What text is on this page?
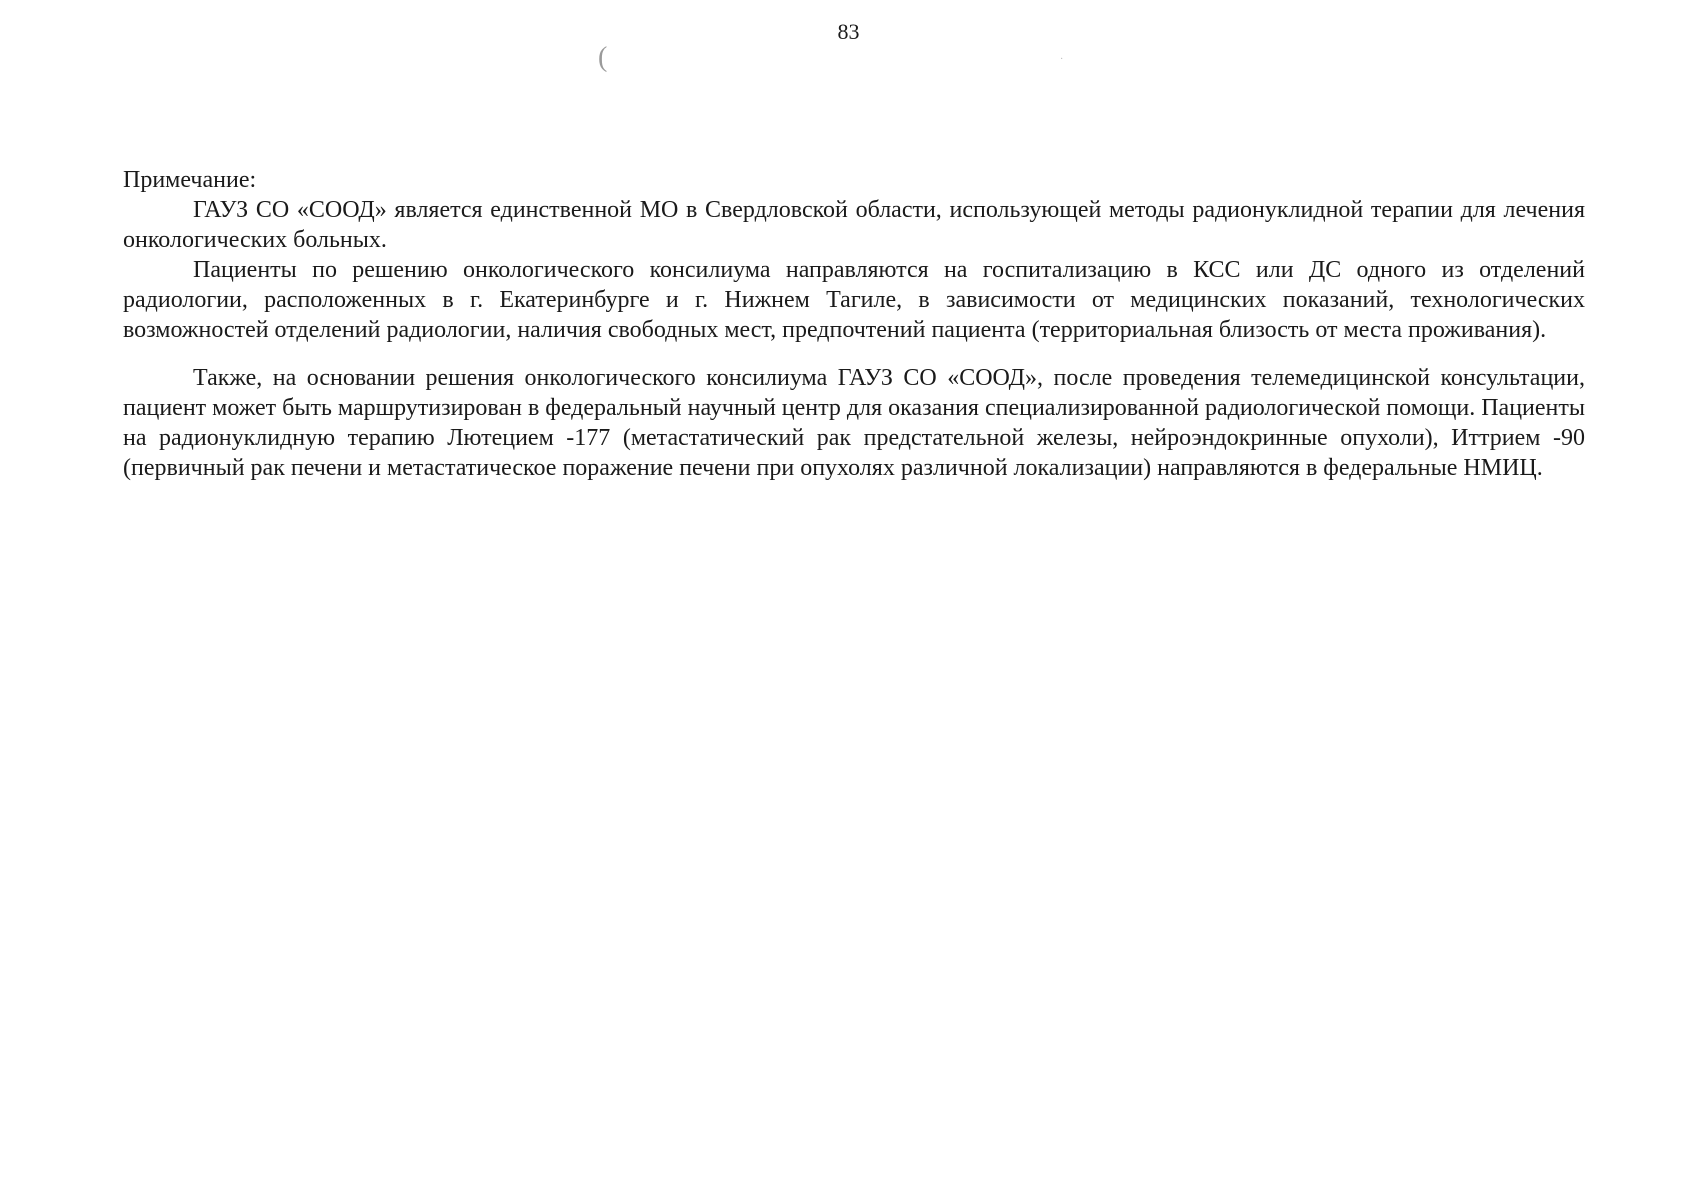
83
(	·

Примечание:

ГАУЗ СО «СООД» является единственной МО в Свердловской области, использующей методы радионуклидной терапии для лечения онкологических больных.

Пациенты по решению онкологического консилиума направляются на госпитализацию в КСС или ДС одного из отделений радиологии, расположенных в г. Екатеринбурге и г. Нижнем Тагиле, в зависимости от медицинских показаний, технологических возможностей отделений радиологии, наличия свободных мест, предпочтений пациента (территориальная близость от места проживания).

Также, на основании решения онкологического консилиума ГАУЗ СО «СООД», после проведения телемедицинской консультации, пациент может быть маршрутизирован в федеральный научный центр для оказания специализированной радиологической помощи. Пациенты на радионуклидную терапию Лютецием -177 (метастатический рак предстательной железы, нейроэндокринные опухоли), Иттрием -90 (первичный рак печени и метастатическое поражение печени при опухолях различной локализации) направляются в федеральные НМИЦ.
